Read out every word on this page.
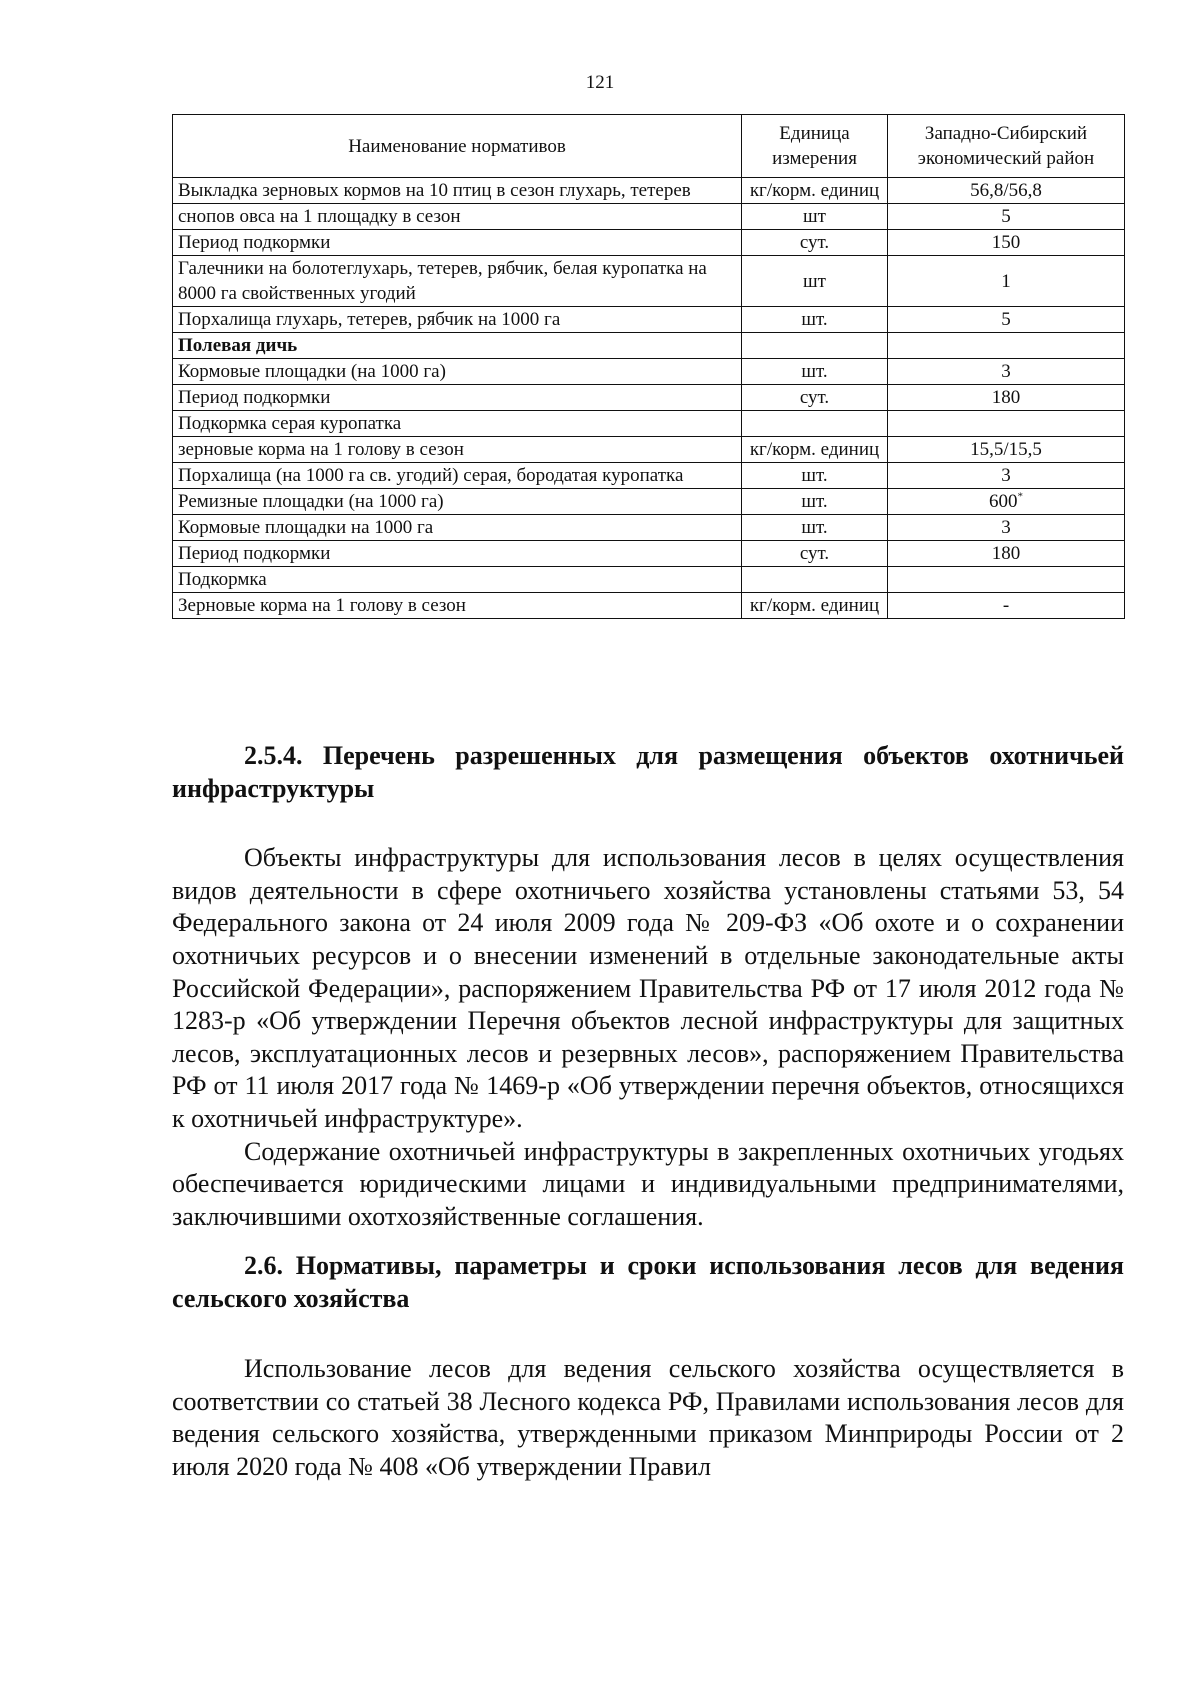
121
Наименование нормативов	Единица измерения	Западно-Сибирский экономический район
Выкладка зерновых кормов на 10 птиц в сезон глухарь, тетерев	кг/корм. единиц	56,8/56,8
снопов овса на 1 площадку в сезон	шт	5
Период подкормки	сут.	150
Галечники на болотеглухарь, тетерев, рябчик, белая куропатка на 8000 га свойственных угодий	шт	1
Порхалища глухарь, тетерев, рябчик на 1000 га	шт.	5
Полевая дичь		
Кормовые площадки (на 1000 га)	шт.	3
Период подкормки	сут.	180
Подкормка серая куропатка		
зерновые корма на 1 голову в сезон	кг/корм. единиц	15,5/15,5
Порхалища (на 1000 га св. угодий) серая, бородатая куропатка	шт.	3
Ремизные площадки (на 1000 га)	шт.	600*
Кормовые площадки на 1000 га	шт.	3
Период подкормки	сут.	180
Подкормка		
Зерновые корма на 1 голову в сезон	кг/корм. единиц	-
2.5.4. Перечень разрешенных для размещения объектов охотничьей инфраструктуры

Объекты инфраструктуры для использования лесов в целях осуществления видов деятельности в сфере охотничьего хозяйства установлены статьями 53, 54 Федерального закона от 24 июля 2009 года № 209-ФЗ «Об охоте и о сохранении охотничьих ресурсов и о внесении изменений в отдельные законодательные акты Российской Федерации», распоряжением Правительства РФ от 17 июля 2012 года № 1283-р «Об утверждении Перечня объектов лесной инфраструктуры для защитных лесов, эксплуатационных лесов и резервных лесов», распоряжением Правительства РФ от 11 июля 2017 года № 1469-р «Об утверждении перечня объектов, относящихся к охотничьей инфраструктуре».

Содержание охотничьей инфраструктуры в закрепленных охотничьих угодьях обеспечивается юридическими лицами и индивидуальными предпринимателями, заключившими охотхозяйственные соглашения.

2.6. Нормативы, параметры и сроки использования лесов для ведения сельского хозяйства

Использование лесов для ведения сельского хозяйства осуществляется в соответствии со статьей 38 Лесного кодекса РФ, Правилами использования лесов для ведения сельского хозяйства, утвержденными приказом Минприроды России от 2 июля 2020 года № 408 «Об утверждении Правил
